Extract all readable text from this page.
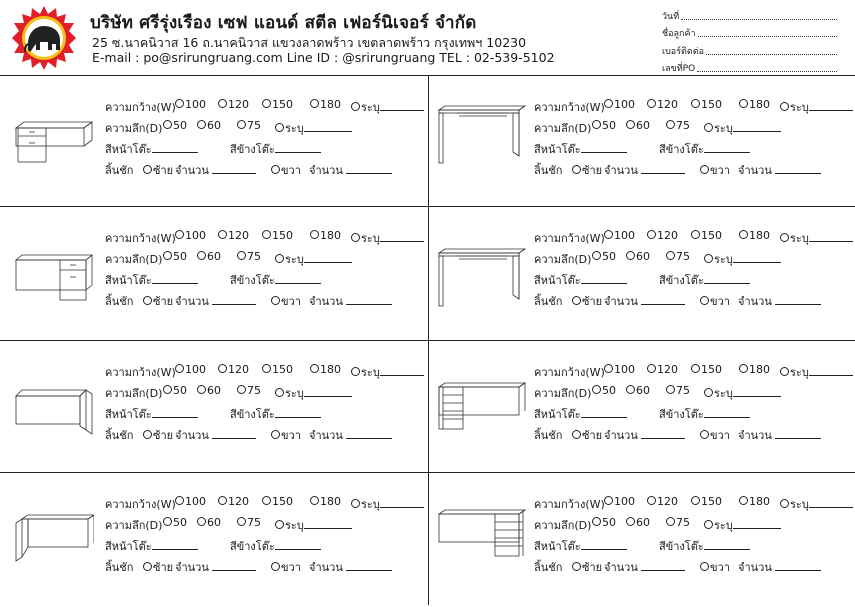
บริษัท ศรีรุ่งเรือง เซฟ แอนด์ สตีล เฟอร์นิเจอร์ จำกัด
25 ซ.นาคนิวาส 16 ถ.นาคนิวาส แขวงลาดพร้าว เขตลาดพร้าว กรุงเทพฯ 10230
E-mail : po@srirungruang.com Line ID : @srirungruang TEL : 02-539-5102
วันที่
ชื่อลูกค้า
เบอร์ติดต่อ
เลขที่PO
ความกว้าง(W) 100	120	150	180	ระบุ
ความลึก(D) 50	60	75	ระบุ
สีหน้าโต๊ะ	สีข้างโต๊ะ
ลิ้นชัก	ซ้าย จำนวน	ขวา จำนวน
ความกว้าง(W) 100	120	150	180	ระบุ
ความลึก(D) 50	60	75	ระบุ
สีหน้าโต๊ะ	สีข้างโต๊ะ
ลิ้นชัก	ซ้าย จำนวน	ขวา จำนวน
ความกว้าง(W) 100	120	150	180	ระบุ
ความลึก(D) 50	60	75	ระบุ
สีหน้าโต๊ะ	สีข้างโต๊ะ
ลิ้นชัก	ซ้าย จำนวน	ขวา จำนวน
ความกว้าง(W) 100	120	150	180	ระบุ
ความลึก(D) 50	60	75	ระบุ
สีหน้าโต๊ะ	สีข้างโต๊ะ
ลิ้นชัก	ซ้าย จำนวน	ขวา จำนวน
ความกว้าง(W) 100	120	150	180	ระบุ
ความลึก(D) 50	60	75	ระบุ
สีหน้าโต๊ะ	สีข้างโต๊ะ
ลิ้นชัก	ซ้าย จำนวน	ขวา จำนวน
ความกว้าง(W) 100	120	150	180	ระบุ
ความลึก(D) 50	60	75	ระบุ
สีหน้าโต๊ะ	สีข้างโต๊ะ
ลิ้นชัก	ซ้าย จำนวน	ขวา จำนวน
ความกว้าง(W) 100	120	150	180	ระบุ
ความลึก(D) 50	60	75	ระบุ
สีหน้าโต๊ะ	สีข้างโต๊ะ
ลิ้นชัก	ซ้าย จำนวน	ขวา จำนวน
ความกว้าง(W) 100	120	150	180	ระบุ
ความลึก(D) 50	60	75	ระบุ
สีหน้าโต๊ะ	สีข้างโต๊ะ
ลิ้นชัก	ซ้าย จำนวน	ขวา จำนวน
